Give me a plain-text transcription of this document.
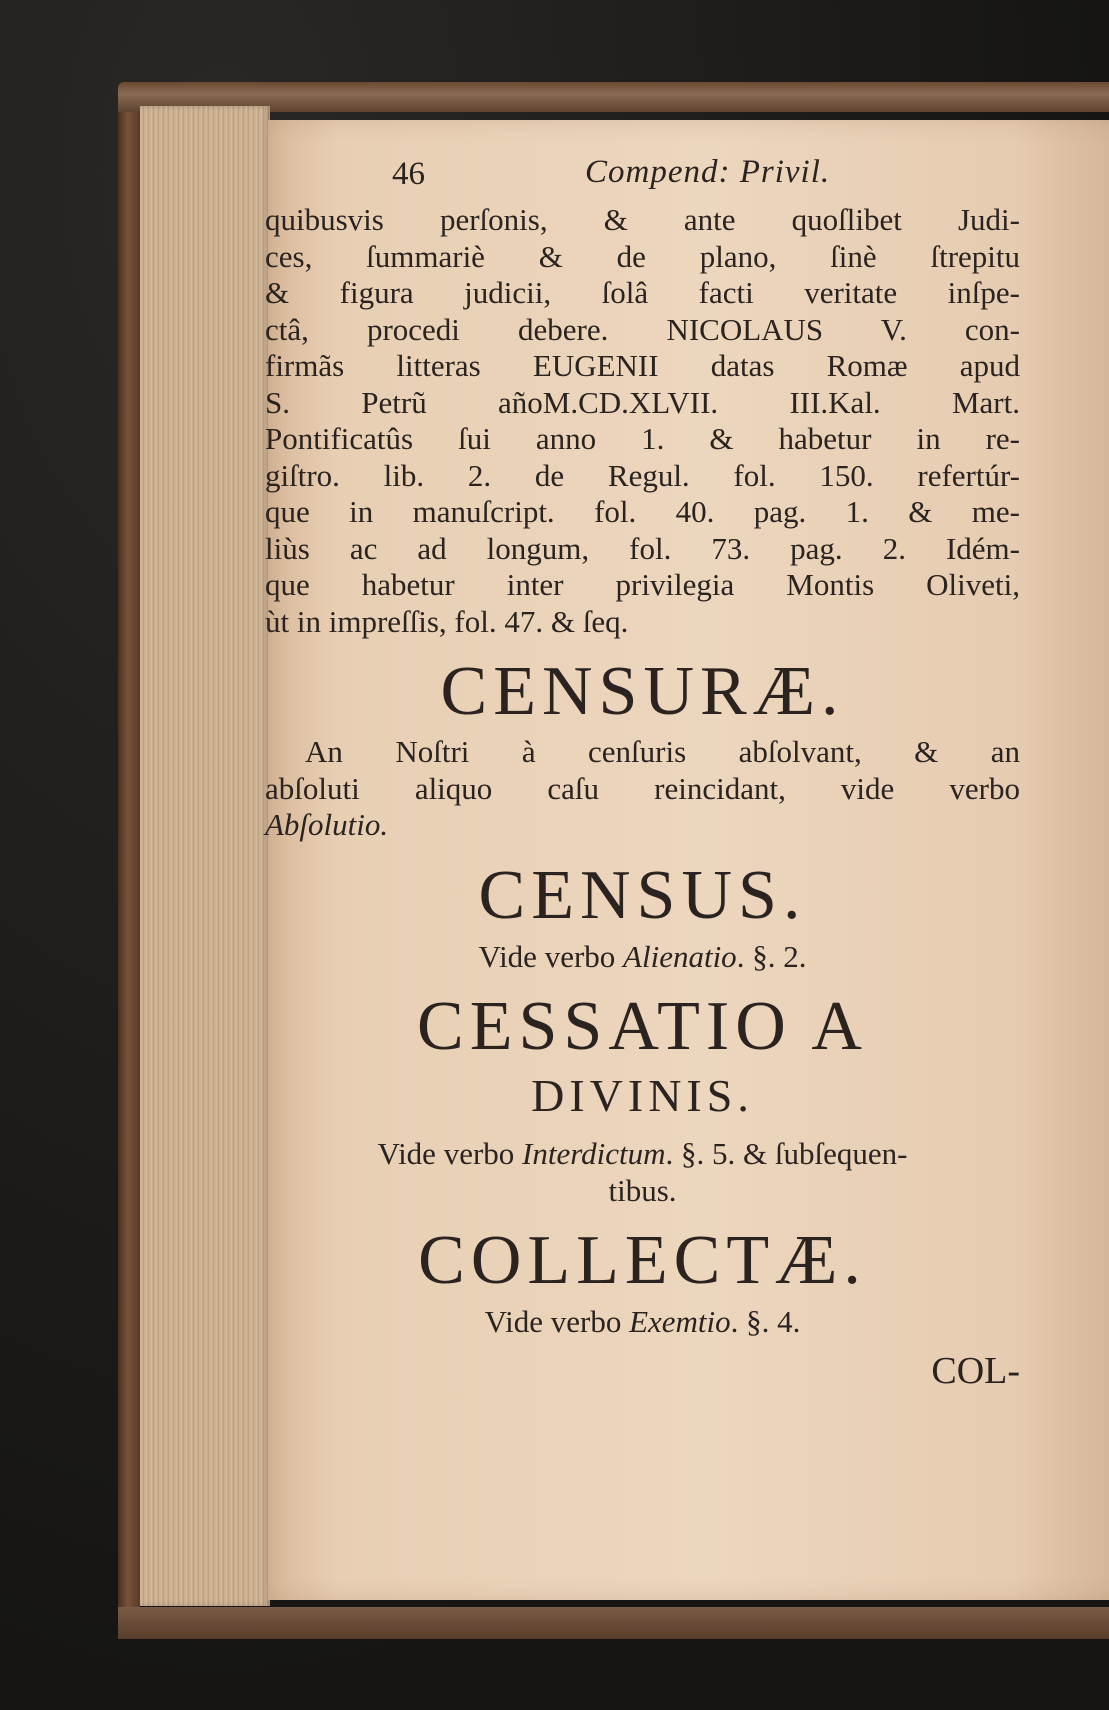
46	Compend: Privil.

quibusvis perſonis, & ante quoſlibet Judi-
ces, ſummariè & de plano, ſinè ſtrepitu
& figura judicii, ſolâ facti veritate inſpe-
ctâ, procedi debere. NICOLAUS V. con-
firmãs litteras EUGENII datas Romæ apud
S. Petrũ añoM.CD.XLVII. III.Kal. Mart.
Pontificatûs ſui anno 1. & habetur in re-
giſtro. lib. 2. de Regul. fol. 150. refertúr-
que in manuſcript. fol. 40. pag. 1. & me-
liùs ac ad longum, fol. 73. pag. 2. Idém-
que habetur inter privilegia Montis Oliveti,
ùt in impreſſis, fol. 47. & ſeq.

CENSURÆ.

An Noſtri à cenſuris abſolvant, & an
abſoluti aliquo caſu reincidant, vide verbo
Abſolutio.

CENSUS.
Vide verbo Alienatio. §. 2.
CESSATIO A
DIVINIS.
Vide verbo Interdictum. §. 5. & ſubſequen-
tibus.
COLLECTÆ.
Vide verbo Exemtio. §. 4.
COL-
